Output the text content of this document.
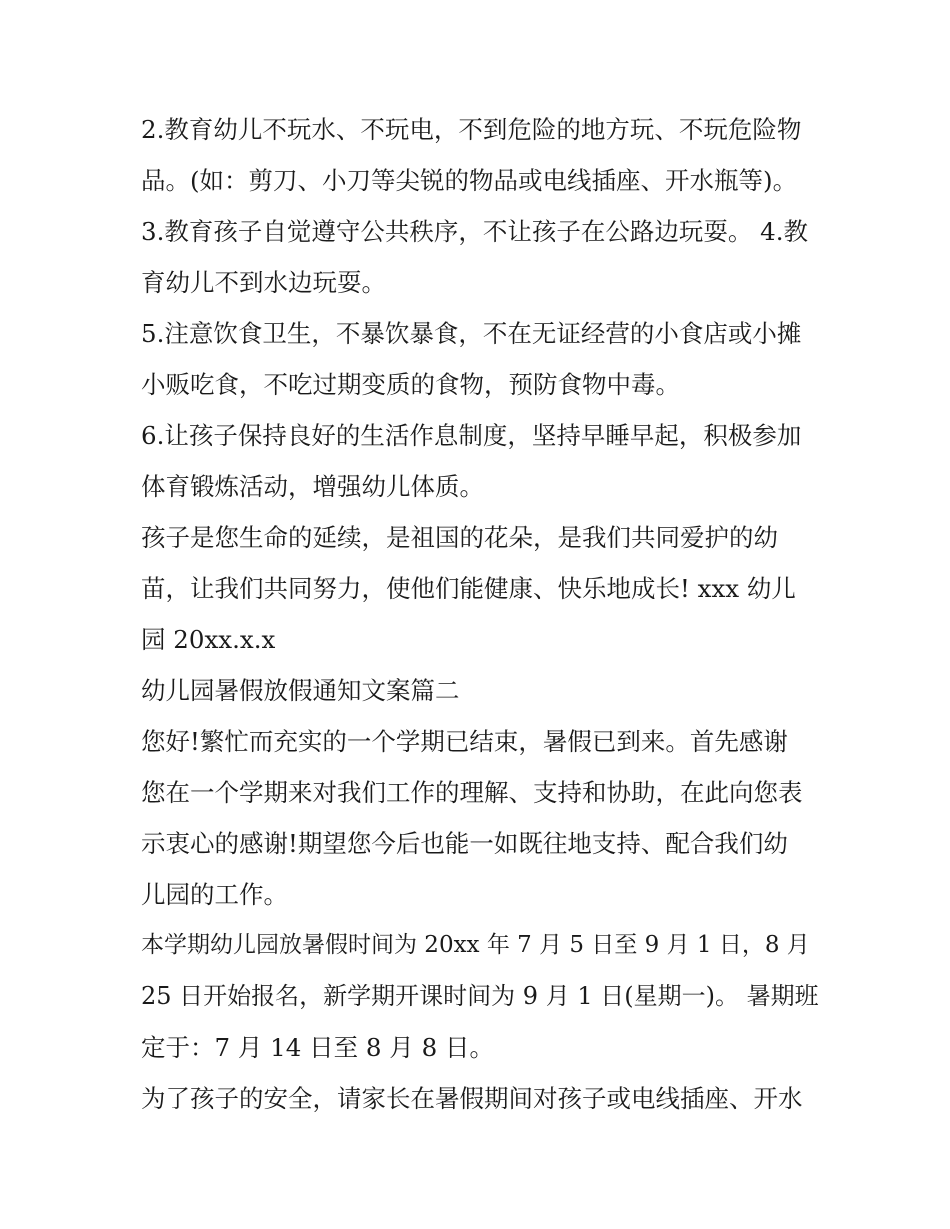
2.教育幼儿不玩水、不玩电，不到危险的地方玩、不玩危险物

品。(如：剪刀、小刀等尖锐的物品或电线插座、开水瓶等)。

3.教育孩子自觉遵守公共秩序，不让孩子在公路边玩耍。 4.教

育幼儿不到水边玩耍。

5.注意饮食卫生，不暴饮暴食，不在无证经营的小食店或小摊

小贩吃食，不吃过期变质的食物，预防食物中毒。

6.让孩子保持良好的生活作息制度，坚持早睡早起，积极参加

体育锻炼活动，增强幼儿体质。

孩子是您生命的延续，是祖国的花朵，是我们共同爱护的幼

苗，让我们共同努力，使他们能健康、快乐地成长! xxx 幼儿

园 20xx.x.x

幼儿园暑假放假通知文案篇二

您好!繁忙而充实的一个学期已结束，暑假已到来。首先感谢

您在一个学期来对我们工作的理解、支持和协助，在此向您表

示衷心的感谢!期望您今后也能一如既往地支持、配合我们幼

儿园的工作。

本学期幼儿园放暑假时间为 20xx 年 7 月 5 日至 9 月 1 日，8 月

25 日开始报名，新学期开课时间为 9 月 1 日(星期一)。 暑期班

定于：7 月 14 日至 8 月 8 日。

为了孩子的安全，请家长在暑假期间对孩子或电线插座、开水
